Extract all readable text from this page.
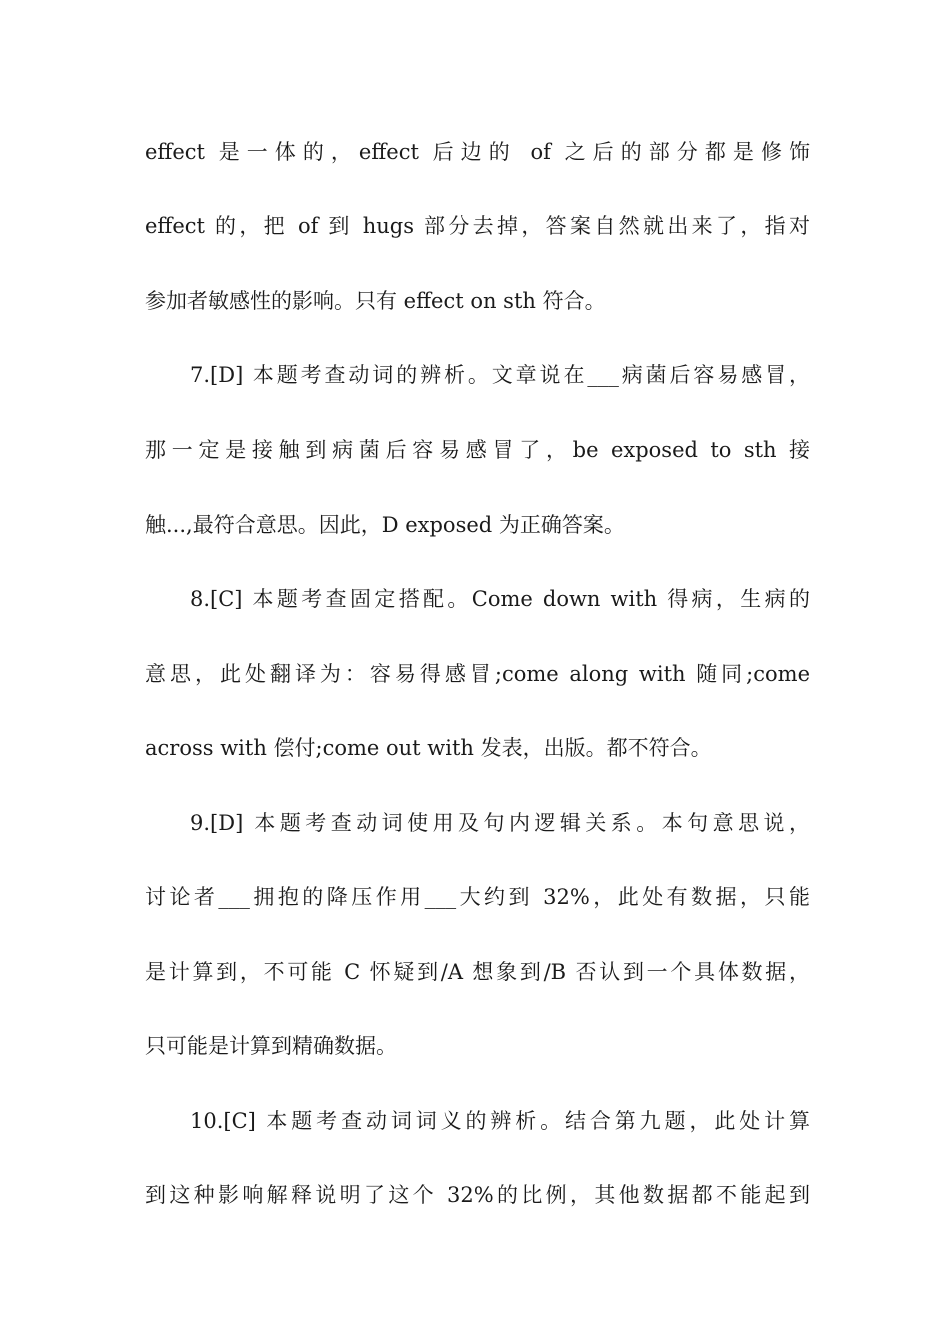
effect 是一体的，effect 后边的 of 之后的部分都是修饰
effect 的，把 of 到 hugs 部分去掉，答案自然就出来了，指对
参加者敏感性的影响。只有 effect on sth 符合。
7.[D] 本题考查动词的辨析。文章说在___病菌后容易感冒，
那一定是接触到病菌后容易感冒了，be exposed to sth 接
触...,最符合意思。因此，D exposed 为正确答案。
8.[C] 本题考查固定搭配。Come down with 得病，生病的
意思，此处翻译为：容易得感冒;come along with 随同;come
across with 偿付;come out with 发表，出版。都不符合。
9.[D] 本题考查动词使用及句内逻辑关系。本句意思说，
讨论者___拥抱的降压作用___大约到 32%，此处有数据，只能
是计算到，不可能 C 怀疑到/A 想象到/B 否认到一个具体数据，
只可能是计算到精确数据。
10.[C] 本题考查动词词义的辨析。结合第九题，此处计算
到这种影响解释说明了这个 32%的比例，其他数据都不能起到
